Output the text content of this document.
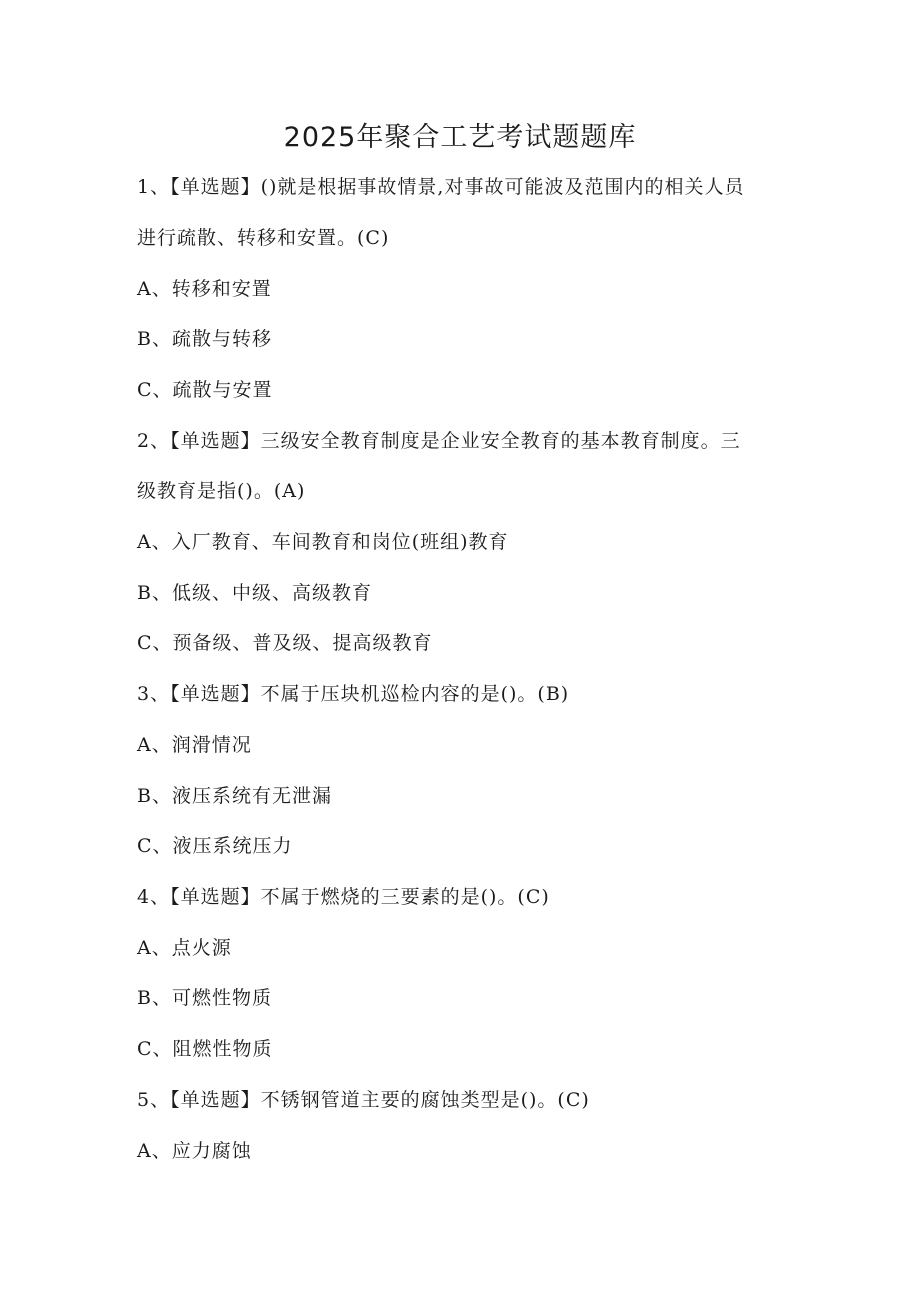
2025年聚合工艺考试题题库

1、【单选题】()就是根据事故情景,对事故可能波及范围内的相关人员

进行疏散、转移和安置。(C)

A、转移和安置

B、疏散与转移

C、疏散与安置

2、【单选题】三级安全教育制度是企业安全教育的基本教育制度。三

级教育是指()。(A)

A、入厂教育、车间教育和岗位(班组)教育

B、低级、中级、高级教育

C、预备级、普及级、提高级教育

3、【单选题】不属于压块机巡检内容的是()。(B)

A、润滑情况

B、液压系统有无泄漏

C、液压系统压力

4、【单选题】不属于燃烧的三要素的是()。(C)

A、点火源

B、可燃性物质

C、阻燃性物质

5、【单选题】不锈钢管道主要的腐蚀类型是()。(C)

A、应力腐蚀
